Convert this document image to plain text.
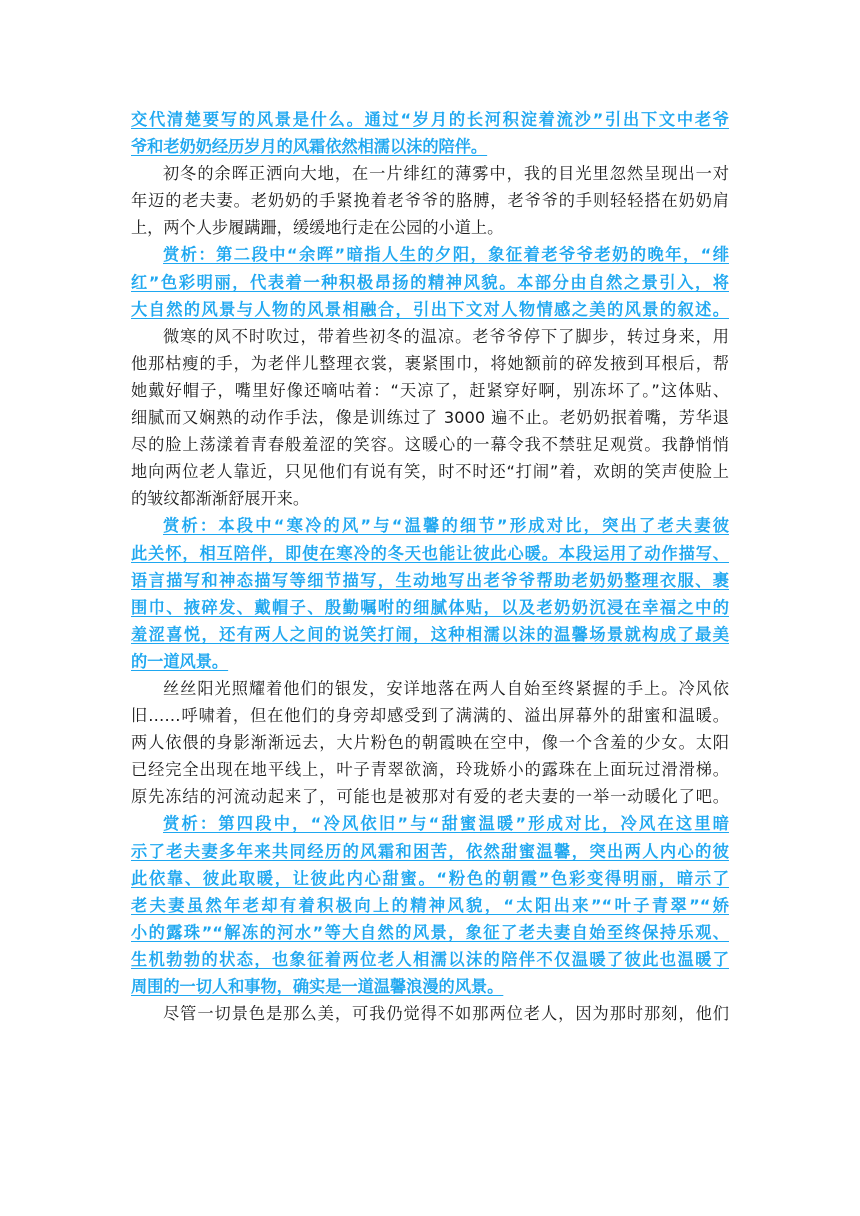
交代清楚要写的风景是什么。通过“岁月的长河积淀着流沙”引出下文中老爷
爷和老奶奶经历岁月的风霜依然相濡以沫的陪伴。
初冬的余晖正洒向大地，在一片绯红的薄雾中，我的目光里忽然呈现出一对
年迈的老夫妻。老奶奶的手紧挽着老爷爷的胳膊，老爷爷的手则轻轻搭在奶奶肩
上，两个人步履蹒跚，缓缓地行走在公园的小道上。
赏析：第二段中“余晖”暗指人生的夕阳，象征着老爷爷老奶的晚年，“绯
红”色彩明丽，代表着一种积极昂扬的精神风貌。本部分由自然之景引入，将
大自然的风景与人物的风景相融合，引出下文对人物情感之美的风景的叙述。
微寒的风不时吹过，带着些初冬的温凉。老爷爷停下了脚步，转过身来，用
他那枯瘦的手，为老伴儿整理衣裳，裹紧围巾，将她额前的碎发掖到耳根后，帮
她戴好帽子，嘴里好像还嘀咕着：“天凉了，赶紧穿好啊，别冻坏了。”这体贴、
细腻而又娴熟的动作手法，像是训练过了 3000 遍不止。老奶奶抿着嘴，芳华退
尽的脸上荡漾着青春般羞涩的笑容。这暖心的一幕令我不禁驻足观赏。我静悄悄
地向两位老人靠近，只见他们有说有笑，时不时还“打闹”着，欢朗的笑声使脸上
的皱纹都渐渐舒展开来。
赏析：本段中“寒冷的风”与“温馨的细节”形成对比，突出了老夫妻彼
此关怀，相互陪伴，即使在寒冷的冬天也能让彼此心暖。本段运用了动作描写、
语言描写和神态描写等细节描写，生动地写出老爷爷帮助老奶奶整理衣服、裹
围巾、掖碎发、戴帽子、殷勤嘱咐的细腻体贴，以及老奶奶沉浸在幸福之中的
羞涩喜悦，还有两人之间的说笑打闹，这种相濡以沫的温馨场景就构成了最美
的一道风景。
丝丝阳光照耀着他们的银发，安详地落在两人自始至终紧握的手上。冷风依
旧……呼啸着，但在他们的身旁却感受到了满满的、溢出屏幕外的甜蜜和温暖。
两人依偎的身影渐渐远去，大片粉色的朝霞映在空中，像一个含羞的少女。太阳
已经完全出现在地平线上，叶子青翠欲滴，玲珑娇小的露珠在上面玩过滑滑梯。
原先冻结的河流动起来了，可能也是被那对有爱的老夫妻的一举一动暖化了吧。
赏析：第四段中，“冷风依旧”与“甜蜜温暖”形成对比，冷风在这里暗
示了老夫妻多年来共同经历的风霜和困苦，依然甜蜜温馨，突出两人内心的彼
此依靠、彼此取暖，让彼此内心甜蜜。“粉色的朝霞”色彩变得明丽，暗示了
老夫妻虽然年老却有着积极向上的精神风貌，“太阳出来”“叶子青翠”“娇
小的露珠”“解冻的河水”等大自然的风景，象征了老夫妻自始至终保持乐观、
生机勃勃的状态，也象征着两位老人相濡以沫的陪伴不仅温暖了彼此也温暖了
周围的一切人和事物，确实是一道温馨浪漫的风景。
尽管一切景色是那么美，可我仍觉得不如那两位老人，因为那时那刻，他们
